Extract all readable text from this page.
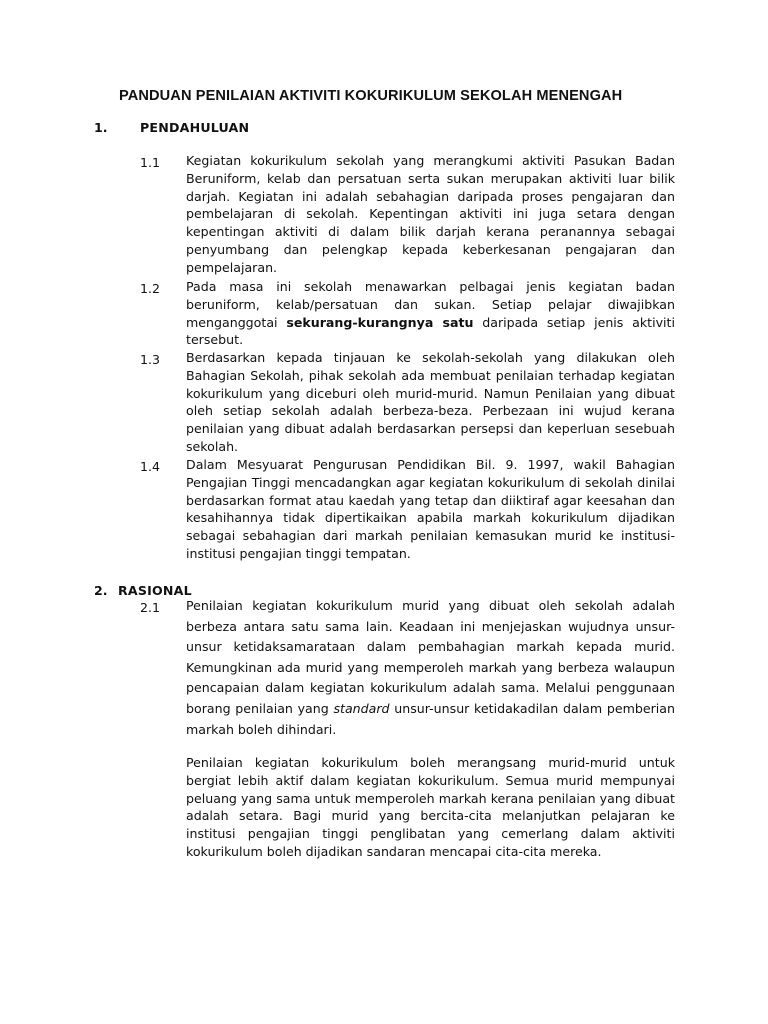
PANDUAN PENILAIAN AKTIVITI KOKURIKULUM SEKOLAH MENENGAH
1.	PENDAHULUAN
1.1 Kegiatan kokurikulum sekolah yang merangkumi aktiviti Pasukan Badan Beruniform, kelab dan persatuan serta sukan merupakan aktiviti luar bilik darjah. Kegiatan ini adalah sebahagian daripada proses pengajaran dan pembelajaran di sekolah. Kepentingan aktiviti ini juga setara dengan kepentingan aktiviti di dalam bilik darjah kerana peranannya sebagai penyumbang dan pelengkap kepada keberkesanan pengajaran dan pempelajaran.
1.2 Pada masa ini sekolah menawarkan pelbagai jenis kegiatan badan beruniform, kelab/persatuan dan sukan. Setiap pelajar diwajibkan menganggotai sekurang-kurangnya satu daripada setiap jenis aktiviti tersebut.
1.3 Berdasarkan kepada tinjauan ke sekolah-sekolah yang dilakukan oleh Bahagian Sekolah, pihak sekolah ada membuat penilaian terhadap kegiatan kokurikulum yang diceburi oleh murid-murid. Namun Penilaian yang dibuat oleh setiap sekolah adalah berbeza-beza. Perbezaan ini wujud kerana penilaian yang dibuat adalah berdasarkan persepsi dan keperluan sesebuah sekolah.
1.4 Dalam Mesyuarat Pengurusan Pendidikan Bil. 9. 1997, wakil Bahagian Pengajian Tinggi mencadangkan agar kegiatan kokurikulum di sekolah dinilai berdasarkan format atau kaedah yang tetap dan diiktiraf agar keesahan dan kesahihannya tidak dipertikaikan apabila markah kokurikulum dijadikan sebagai sebahagian dari markah penilaian kemasukan murid ke institusi-institusi pengajian tinggi tempatan.
2. RASIONAL
2.1 Penilaian kegiatan kokurikulum murid yang dibuat oleh sekolah adalah berbeza antara satu sama lain. Keadaan ini menjejaskan wujudnya unsur-unsur ketidaksamarataan dalam pembahagian markah kepada murid. Kemungkinan ada murid yang memperoleh markah yang berbeza walaupun pencapaian dalam kegiatan kokurikulum adalah sama. Melalui penggunaan borang penilaian yang standard unsur-unsur ketidakadilan dalam pemberian markah boleh dihindari.
Penilaian kegiatan kokurikulum boleh merangsang murid-murid untuk bergiat lebih aktif dalam kegiatan kokurikulum. Semua murid mempunyai peluang yang sama untuk memperoleh markah kerana penilaian yang dibuat adalah setara. Bagi murid yang bercita-cita melanjutkan pelajaran ke institusi pengajian tinggi penglibatan yang cemerlang dalam aktiviti kokurikulum boleh dijadikan sandaran mencapai cita-cita mereka.
